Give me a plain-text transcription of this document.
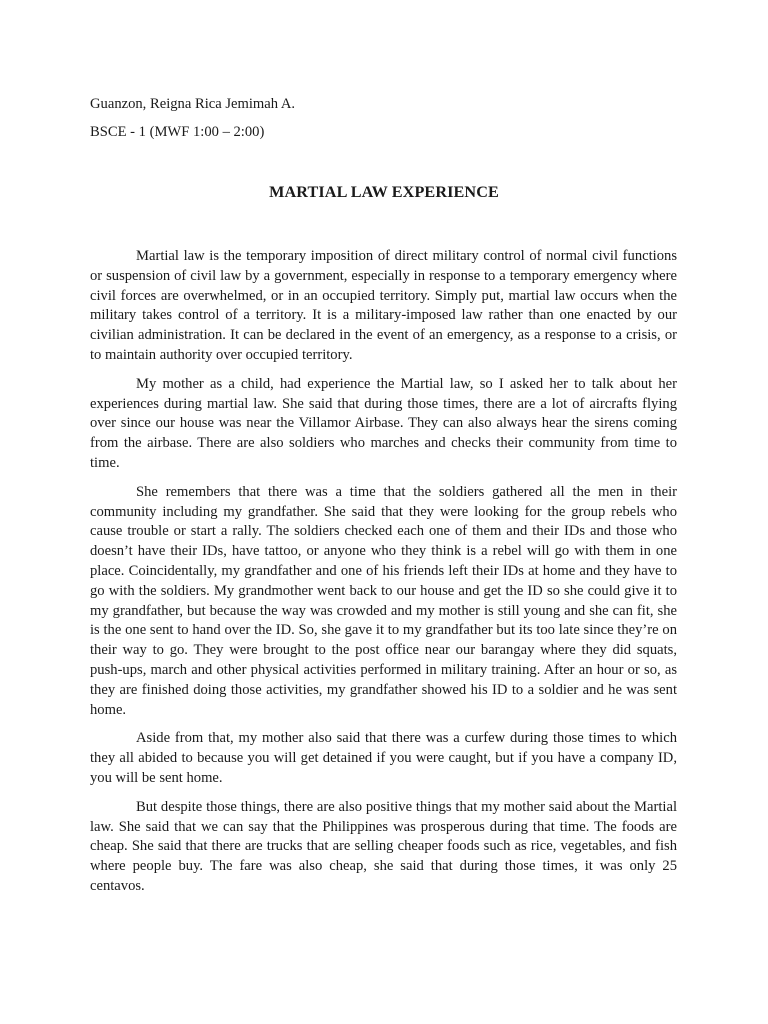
Guanzon, Reigna Rica Jemimah A.

BSCE - 1 (MWF 1:00 – 2:00)

MARTIAL LAW EXPERIENCE

Martial law is the temporary imposition of direct military control of normal civil functions or suspension of civil law by a government, especially in response to a temporary emergency where civil forces are overwhelmed, or in an occupied territory. Simply put, martial law occurs when the military takes control of a territory. It is a military-imposed law rather than one enacted by our civilian administration. It can be declared in the event of an emergency, as a response to a crisis, or to maintain authority over occupied territory.

My mother as a child, had experience the Martial law, so I asked her to talk about her experiences during martial law. She said that during those times, there are a lot of aircrafts flying over since our house was near the Villamor Airbase. They can also always hear the sirens coming from the airbase. There are also soldiers who marches and checks their community from time to time.

She remembers that there was a time that the soldiers gathered all the men in their community including my grandfather. She said that they were looking for the group rebels who cause trouble or start a rally. The soldiers checked each one of them and their IDs and those who doesn’t have their IDs, have tattoo, or anyone who they think is a rebel will go with them in one place. Coincidentally, my grandfather and one of his friends left their IDs at home and they have to go with the soldiers. My grandmother went back to our house and get the ID so she could give it to my grandfather, but because the way was crowded and my mother is still young and she can fit, she is the one sent to hand over the ID. So, she gave it to my grandfather but its too late since they’re on their way to go. They were brought to the post office near our barangay where they did squats, push-ups, march and other physical activities performed in military training. After an hour or so, as they are finished doing those activities, my grandfather showed his ID to a soldier and he was sent home.

Aside from that, my mother also said that there was a curfew during those times to which they all abided to because you will get detained if you were caught, but if you have a company ID, you will be sent home.

But despite those things, there are also positive things that my mother said about the Martial law. She said that we can say that the Philippines was prosperous during that time. The foods are cheap. She said that there are trucks that are selling cheaper foods such as rice, vegetables, and fish where people buy. The fare was also cheap, she said that during those times, it was only 25 centavos.
